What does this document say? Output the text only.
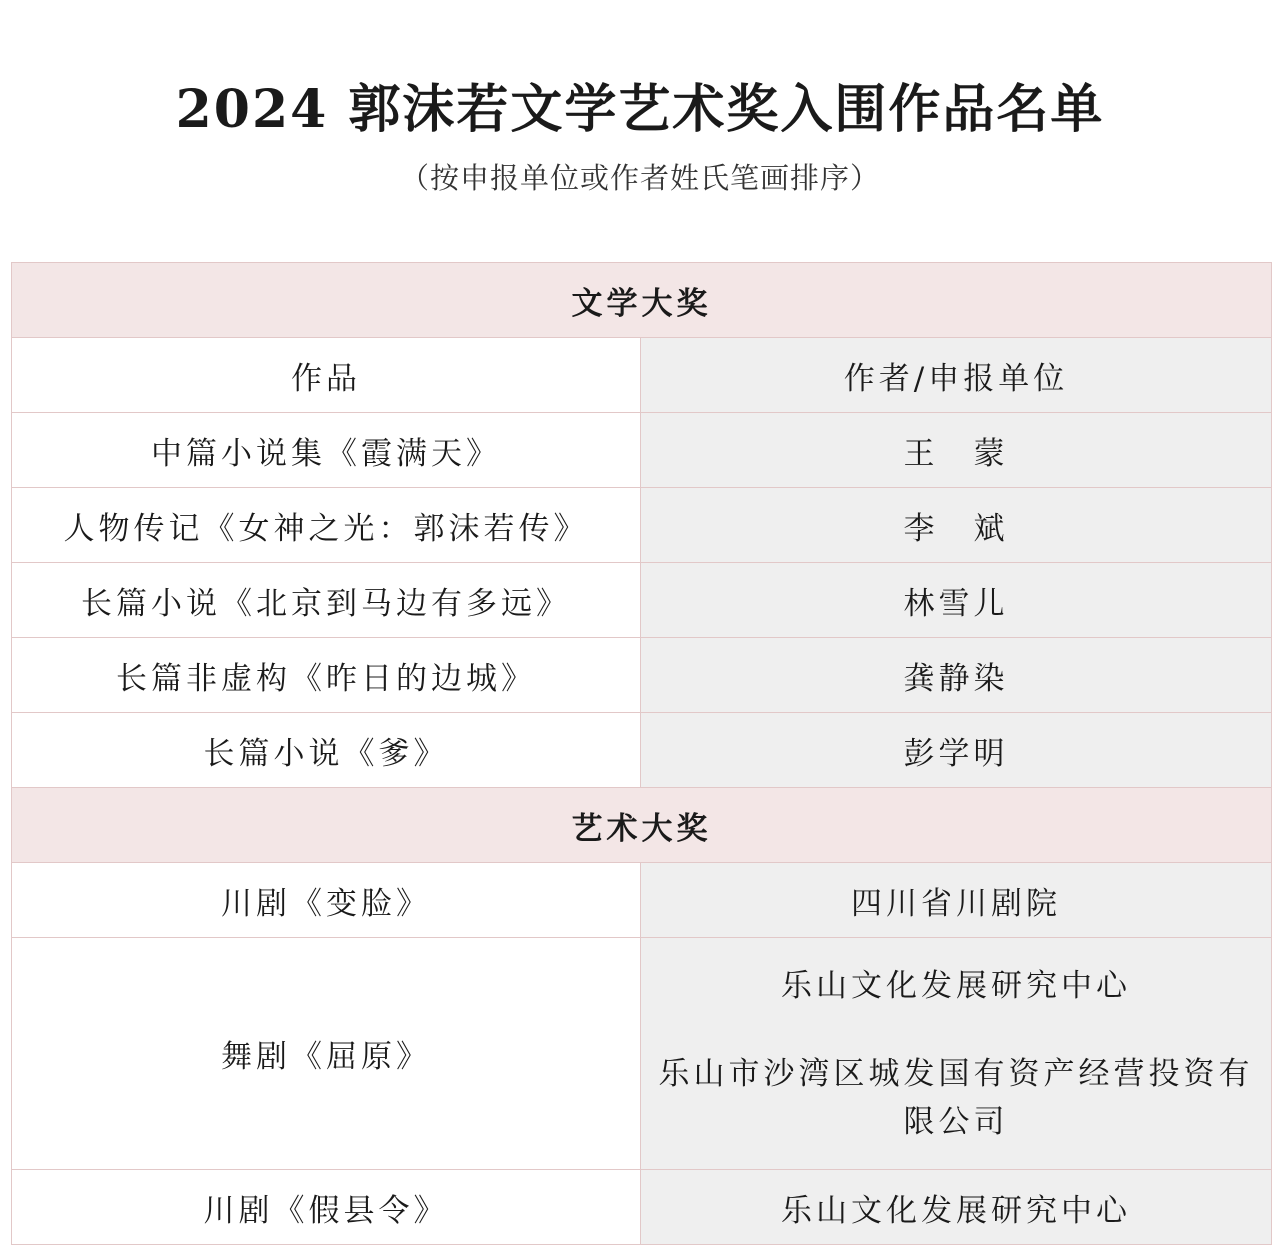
2024 郭沫若文学艺术奖入围作品名单
（按申报单位或作者姓氏笔画排序）
文学大奖	
作品	作者/申报单位
中篇小说集《霞满天》	王　蒙
人物传记《女神之光：郭沫若传》	李　斌
长篇小说《北京到马边有多远》	林雪儿
长篇非虚构《昨日的边城》	龚静染
长篇小说《爹》	彭学明
艺术大奖	
川剧《变脸》	四川省川剧院
舞剧《屈原》	乐山文化发展研究中心
乐山市沙湾区城发国有资产经营投资有
限公司

川剧《假县令》	乐山文化发展研究中心
